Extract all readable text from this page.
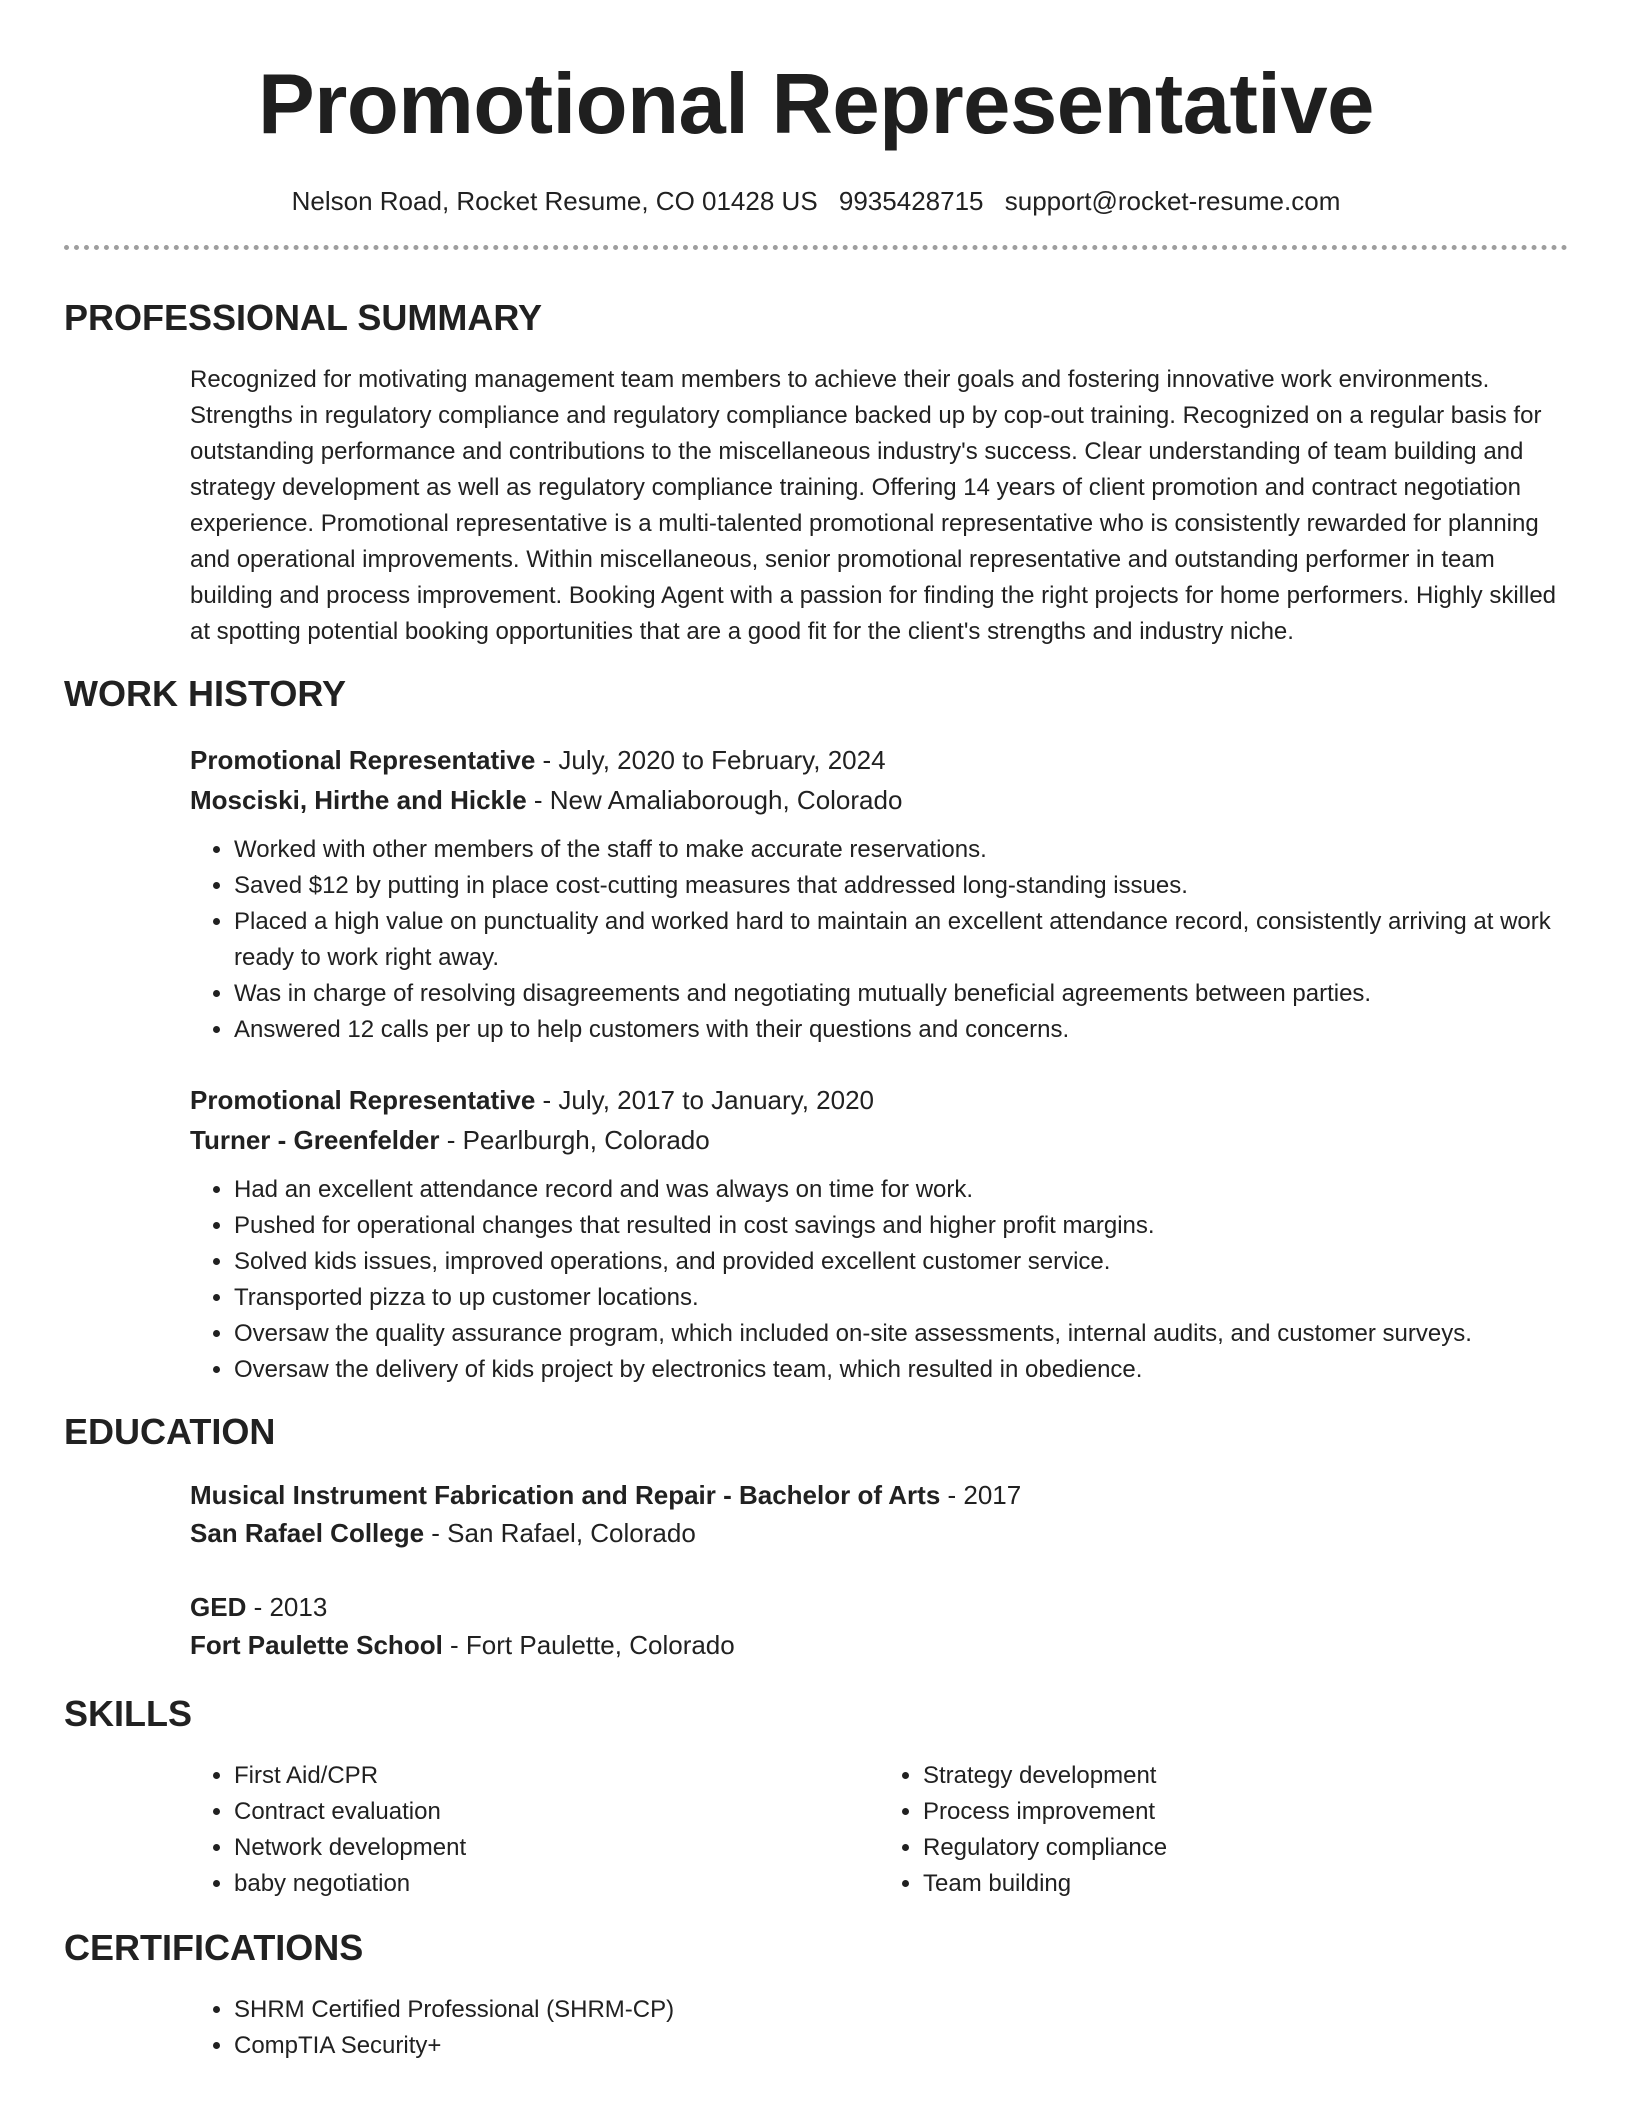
Promotional Representative
Nelson Road, Rocket Resume, CO 01428 US 9935428715 support@rocket-resume.com
PROFESSIONAL SUMMARY
Recognized for motivating management team members to achieve their goals and fostering innovative work environments. Strengths in regulatory compliance and regulatory compliance backed up by cop-out training. Recognized on a regular basis for outstanding performance and contributions to the miscellaneous industry's success. Clear understanding of team building and strategy development as well as regulatory compliance training. Offering 14 years of client promotion and contract negotiation experience. Promotional representative is a multi-talented promotional representative who is consistently rewarded for planning and operational improvements. Within miscellaneous, senior promotional representative and outstanding performer in team building and process improvement. Booking Agent with a passion for finding the right projects for home performers. Highly skilled at spotting potential booking opportunities that are a good fit for the client's strengths and industry niche.
WORK HISTORY
Promotional Representative - July, 2020 to February, 2024
Mosciski, Hirthe and Hickle - New Amaliaborough, Colorado
• Worked with other members of the staff to make accurate reservations.
• Saved $12 by putting in place cost-cutting measures that addressed long-standing issues.
• Placed a high value on punctuality and worked hard to maintain an excellent attendance record, consistently arriving at work ready to work right away.
• Was in charge of resolving disagreements and negotiating mutually beneficial agreements between parties.
• Answered 12 calls per up to help customers with their questions and concerns.
Promotional Representative - July, 2017 to January, 2020
Turner - Greenfelder - Pearlburgh, Colorado
• Had an excellent attendance record and was always on time for work.
• Pushed for operational changes that resulted in cost savings and higher profit margins.
• Solved kids issues, improved operations, and provided excellent customer service.
• Transported pizza to up customer locations.
• Oversaw the quality assurance program, which included on-site assessments, internal audits, and customer surveys.
• Oversaw the delivery of kids project by electronics team, which resulted in obedience.
EDUCATION
Musical Instrument Fabrication and Repair - Bachelor of Arts - 2017
San Rafael College - San Rafael, Colorado
GED - 2013
Fort Paulette School - Fort Paulette, Colorado
SKILLS
• First Aid/CPR
• Contract evaluation
• Network development
• baby negotiation
• Strategy development
• Process improvement
• Regulatory compliance
• Team building
CERTIFICATIONS
• SHRM Certified Professional (SHRM-CP)
• CompTIA Security+
